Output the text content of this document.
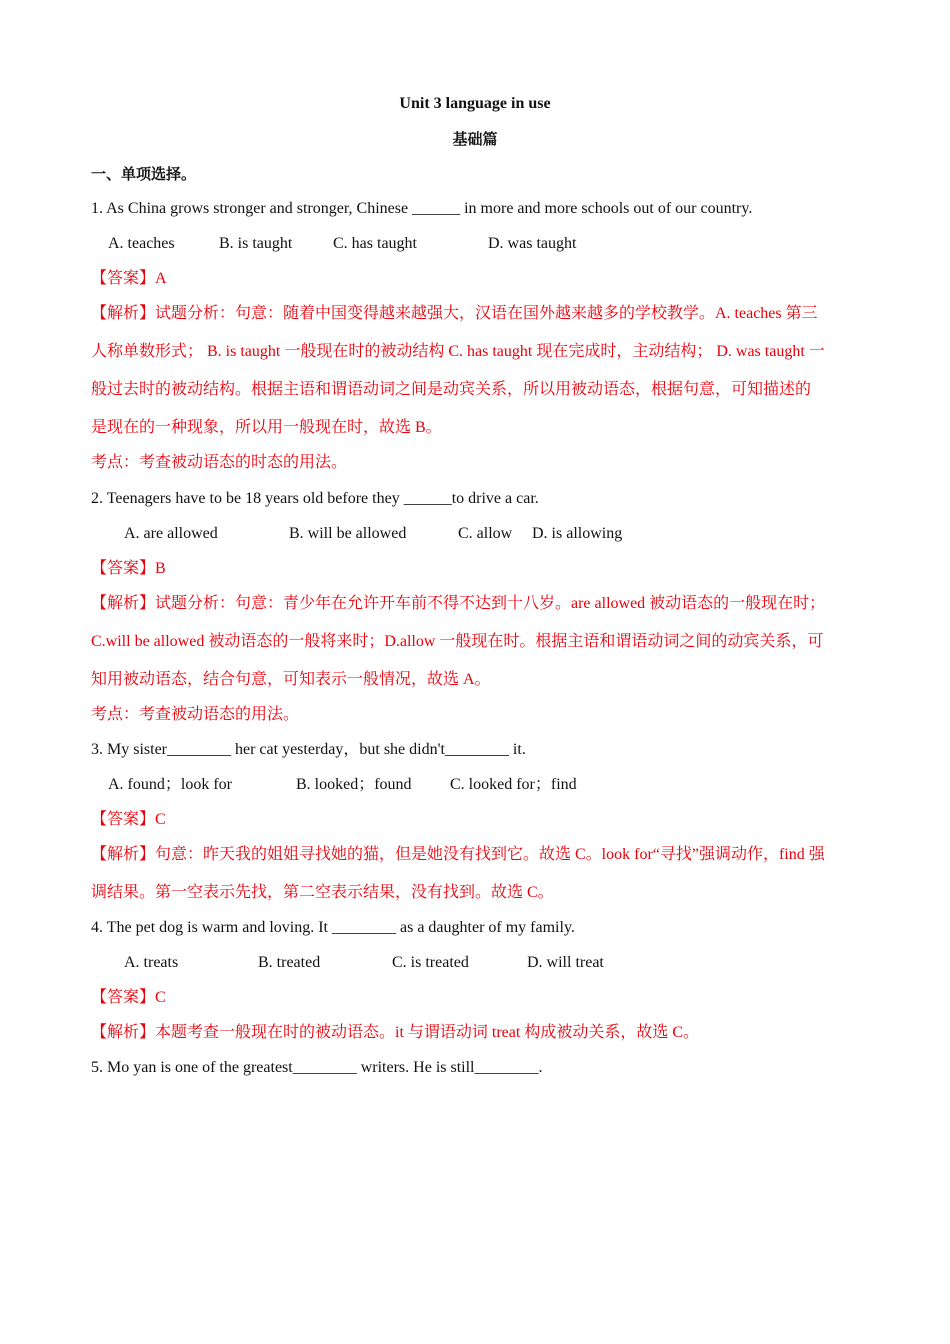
Unit 3 language in use
基础篇
一、单项选择。
1. As China grows stronger and stronger, Chinese ______ in more and more schools out of our country.
A. teaches	B. is taught	C. has taught	D. was taught
【答案】A
【解析】试题分析：句意：随着中国变得越来越强大，汉语在国外越来越多的学校教学。A. teaches 第三
人称单数形式； B. is taught 一般现在时的被动结构 C. has taught 现在完成时，主动结构； D. was taught 一
般过去时的被动结构。根据主语和谓语动词之间是动宾关系，所以用被动语态，根据句意，可知描述的
是现在的一种现象，所以用一般现在时，故选 B。
考点：考查被动语态的时态的用法。
2. Teenagers have to be 18 years old before they ______to drive a car.
A. are allowed	B. will be allowed	C. allow D. is allowing
【答案】B
【解析】试题分析：句意：青少年在允许开车前不得不达到十八岁。are allowed 被动语态的一般现在时；
C.will be allowed 被动语态的一般将来时；D.allow 一般现在时。根据主语和谓语动词之间的动宾关系，可
知用被动语态，结合句意，可知表示一般情况，故选 A。
考点：考查被动语态的用法。
3. My sister________ her cat yesterday，but she didn't________ it.
A. found；look for	B. looked；found C. looked for；find
【答案】C
【解析】句意：昨天我的姐姐寻找她的猫，但是她没有找到它。故选 C。look for“寻找”强调动作，find 强
调结果。第一空表示先找，第二空表示结果，没有找到。故选 C。
4. The pet dog is warm and loving. It ________ as a daughter of my family.
A. treats	B. treated	C. is treated	D. will treat
【答案】C
【解析】本题考查一般现在时的被动语态。it 与谓语动词 treat 构成被动关系，故选 C。
5. Mo yan is one of the greatest________ writers. He is still________.
